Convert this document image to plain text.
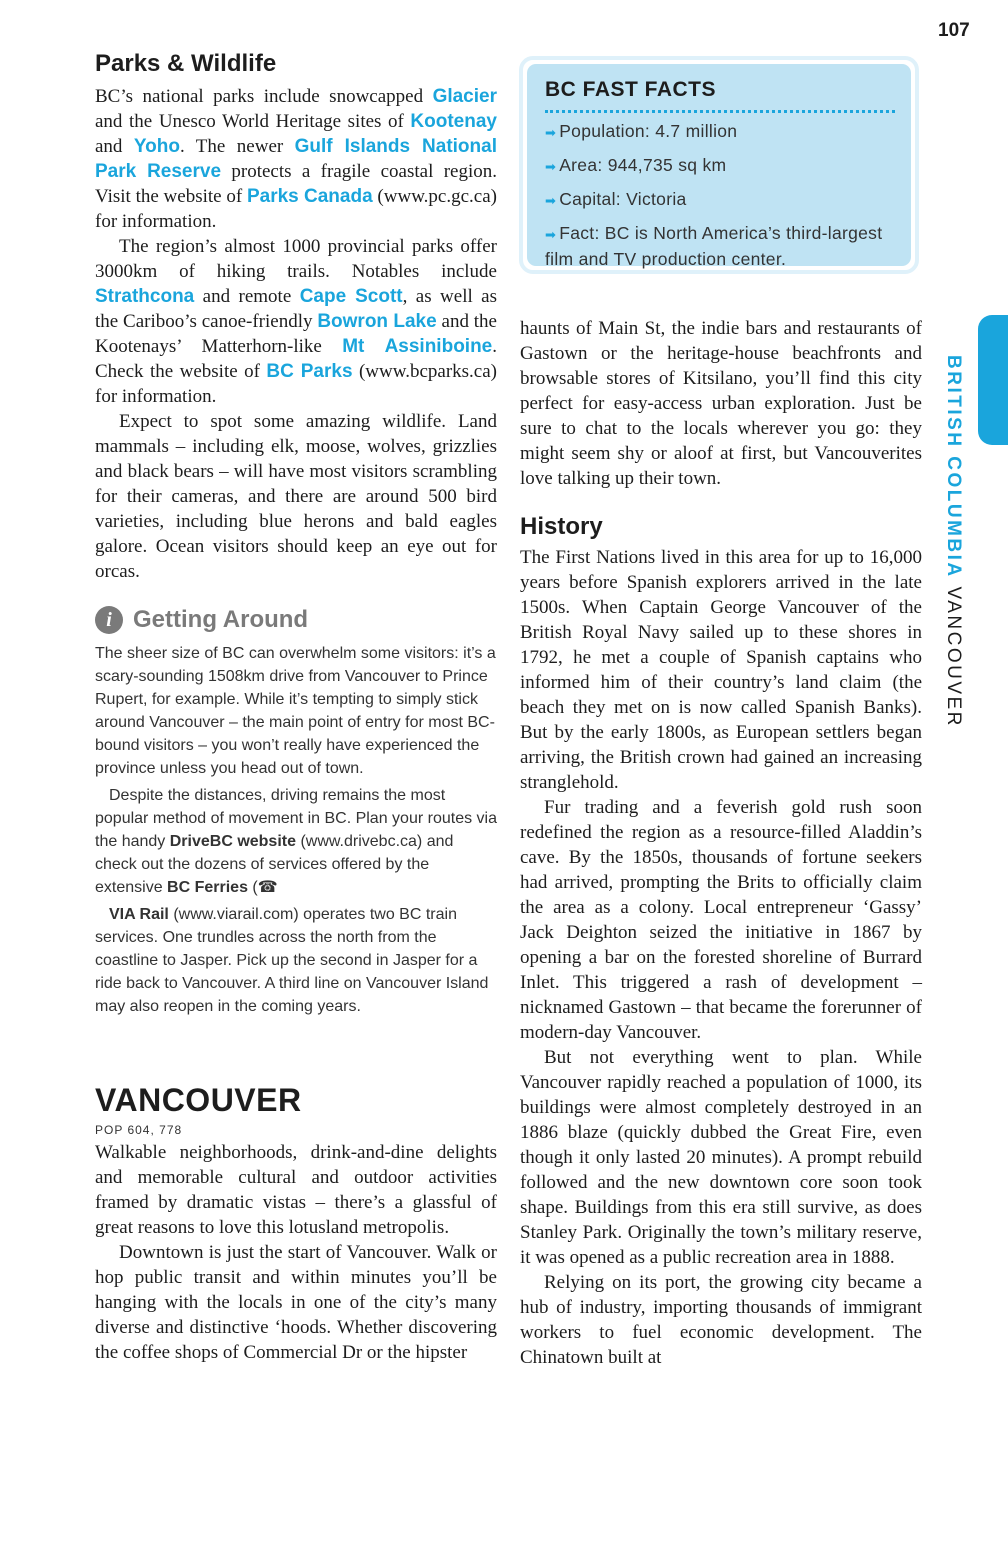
107
BRITISH COLUMBIA VANCOUVER
Parks & Wildlife

BC’s national parks include snowcapped Glacier and the Unesco World Heritage sites of Kootenay and Yoho. The newer Gulf Islands National Park Reserve protects a fragile coastal region. Visit the website of Parks Canada (www.pc.gc.ca) for information.

The region’s almost 1000 provincial parks offer 3000km of hiking trails. Notables include Strathcona and remote Cape Scott, as well as the Cariboo’s canoe-friendly Bowron Lake and the Kootenays’ Matterhorn-like Mt Assiniboine. Check the website of BC Parks (www.bcparks.ca) for information.

Expect to spot some amazing wildlife. Land mammals – including elk, moose, wolves, grizzlies and black bears – will have most visitors scrambling for their cameras, and there are around 500 bird varieties, including blue herons and bald eagles galore. Ocean visitors should keep an eye out for orcas.

i Getting Around

The sheer size of BC can overwhelm some visitors: it’s a scary-sounding 1508km drive from Vancouver to Prince Rupert, for example. While it’s tempting to simply stick around Vancouver – the main point of entry for most BC-bound visitors – you won’t really have experienced the province unless you head out of town.

Despite the distances, driving remains the most popular method of movement in BC. Plan your routes via the handy DriveBC website (www.drivebc.ca) and check out the dozens of services offered by the extensive BC Ferries (☎

VIA Rail (www.viarail.com) operates two BC train services. One trundles across the north from the coastline to Jasper. Pick up the second in Jasper for a ride back to Vancouver. A third line on Vancouver Island may also reopen in the coming years.

VANCOUVER
POP 604, 778

Walkable neighborhoods, drink-and-dine delights and memorable cultural and outdoor activities framed by dramatic vistas – there’s a glassful of great reasons to love this lotusland metropolis.

Downtown is just the start of Vancouver. Walk or hop public transit and within minutes you’ll be hanging with the locals in one of the city’s many diverse and distinctive ‘hoods. Whether discovering the coffee shops of Commercial Dr or the hipster

BC FAST FACTS
➡ Population: 4.7 million
➡ Area: 944,735 sq km
➡ Capital: Victoria
➡ Fact: BC is North America’s third-largest film and TV production center.

haunts of Main St, the indie bars and restaurants of Gastown or the heritage-house beachfronts and browsable stores of Kitsilano, you’ll find this city perfect for easy-access urban exploration. Just be sure to chat to the locals wherever you go: they might seem shy or aloof at first, but Vancouverites love talking up their town.

History

The First Nations lived in this area for up to 16,000 years before Spanish explorers arrived in the late 1500s. When Captain George Vancouver of the British Royal Navy sailed up to these shores in 1792, he met a couple of Spanish captains who informed him of their country’s land claim (the beach they met on is now called Spanish Banks). But by the early 1800s, as European settlers began arriving, the British crown had gained an increasing stranglehold.

Fur trading and a feverish gold rush soon redefined the region as a resource-filled Aladdin’s cave. By the 1850s, thousands of fortune seekers had arrived, prompting the Brits to officially claim the area as a colony. Local entrepreneur ‘Gassy’ Jack Deighton seized the initiative in 1867 by opening a bar on the forested shoreline of Burrard Inlet. This triggered a rash of development – nicknamed Gastown – that became the forerunner of modern-day Vancouver.

But not everything went to plan. While Vancouver rapidly reached a population of 1000, its buildings were almost completely destroyed in an 1886 blaze (quickly dubbed the Great Fire, even though it only lasted 20 minutes). A prompt rebuild followed and the new downtown core soon took shape. Buildings from this era still survive, as does Stanley Park. Originally the town’s military reserve, it was opened as a public recreation area in 1888.

Relying on its port, the growing city became a hub of industry, importing thousands of immigrant workers to fuel economic development. The Chinatown built at
